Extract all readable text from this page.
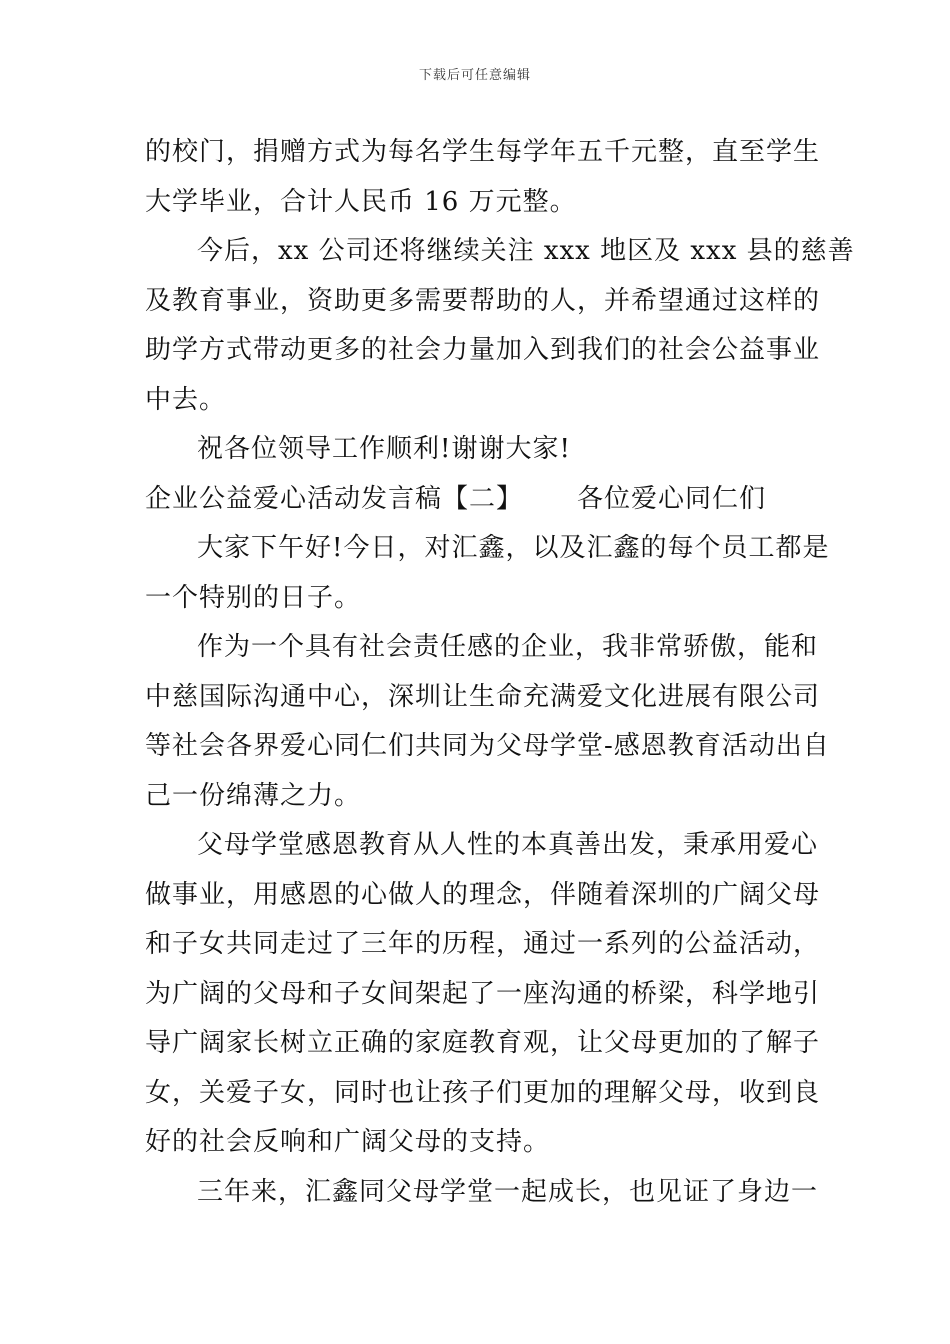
下载后可任意编辑
的校门，捐赠方式为每名学生每学年五千元整，直至学生
大学毕业，合计人民币 16 万元整。
今后，xx 公司还将继续关注 xxx 地区及 xxx 县的慈善
及教育事业，资助更多需要帮助的人，并希望通过这样的
助学方式带动更多的社会力量加入到我们的社会公益事业
中去。
祝各位领导工作顺利!谢谢大家!
企业公益爱心活动发言稿【二】 各位爱心同仁们
大家下午好!今日，对汇鑫，以及汇鑫的每个员工都是
一个特别的日子。
作为一个具有社会责任感的企业，我非常骄傲，能和
中慈国际沟通中心，深圳让生命充满爱文化进展有限公司
等社会各界爱心同仁们共同为父母学堂-感恩教育活动出自
己一份绵薄之力。
父母学堂感恩教育从人性的本真善出发，秉承用爱心
做事业，用感恩的心做人的理念，伴随着深圳的广阔父母
和子女共同走过了三年的历程，通过一系列的公益活动，
为广阔的父母和子女间架起了一座沟通的桥梁，科学地引
导广阔家长树立正确的家庭教育观，让父母更加的了解子
女，关爱子女，同时也让孩子们更加的理解父母，收到良
好的社会反响和广阔父母的支持。
三年来，汇鑫同父母学堂一起成长，也见证了身边一
